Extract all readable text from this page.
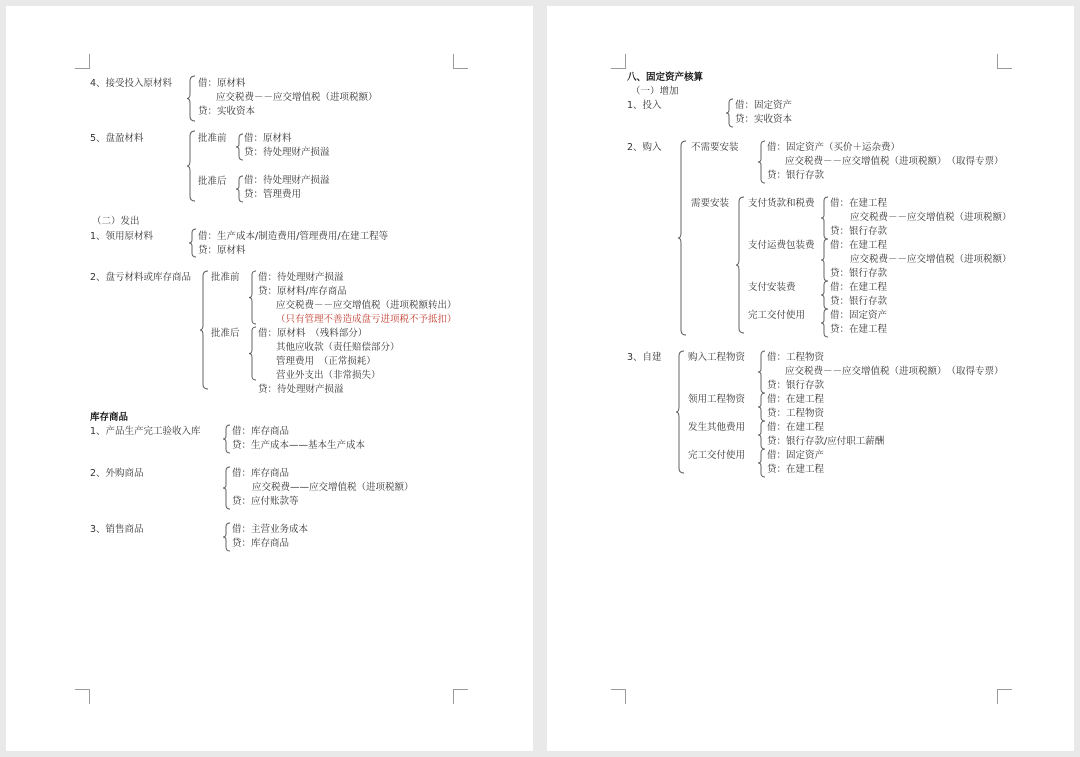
4、接受投入原材料	借：原材料
应交税费－－应交增值税（进项税额）
贷：实收资本
5、盘盈材料	批准前 借：原材料
贷：待处理财产损溢
批准后 借：待处理财产损溢
贷：管理费用
（二）发出
1、领用原材料	借：生产成本/制造费用/管理费用/在建工程等
贷：原材料
2、盘亏材料或库存商品 批准前 借：待处理财产损溢
贷：原材料/库存商品
应交税费－－应交增值税（进项税额转出）
（只有管理不善造成盘亏进项税不予抵扣）
批准后 借：原材料　（残料部分）
其他应收款（责任赔偿部分）
管理费用　（正常损耗）
营业外支出（非常损失）
贷：待处理财产损溢
库存商品
1、产品生产完工验收入库	借：库存商品
贷：生产成本——基本生产成本
2、外购商品	借：库存商品
应交税费——应交增值税（进项税额）
贷：应付账款等
3、销售商品	借：主营业务成本
贷：库存商品
八、固定资产核算
（一）增加
1、投入	借：固定资产
贷：实收资本
2、购入	不需要安装	借：固定资产（买价＋运杂费）
应交税费－－应交增值税（进项税额）　（取得专票）
贷：银行存款
需要安装 支付货款和税费 借：在建工程
应交税费－－应交增值税（进项税额）
贷：银行存款
支付运费包装费 借：在建工程
应交税费－－应交增值税（进项税额）
贷：银行存款
支付安装费	借：在建工程
贷：银行存款
完工交付使用	借：固定资产
贷：在建工程
3、自建	购入工程物资 借：工程物资
应交税费－－应交增值税（进项税额）　（取得专票）
贷：银行存款
领用工程物资 借：在建工程
贷：工程物资
发生其他费用 借：在建工程
贷：银行存款/应付职工薪酬
完工交付使用 借：固定资产
贷：在建工程
